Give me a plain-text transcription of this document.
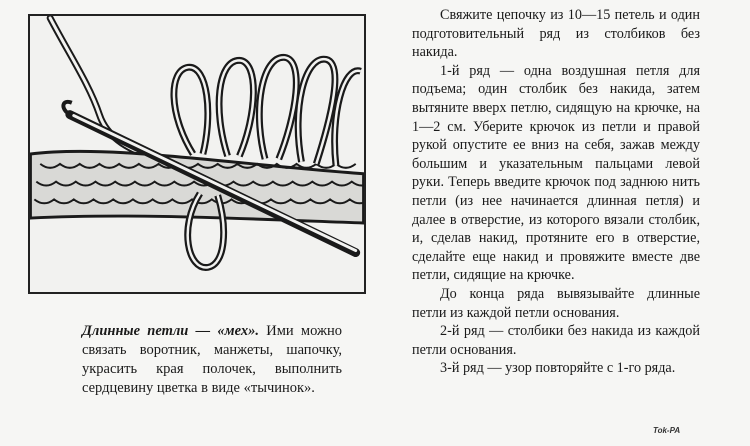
Длинные петли — «мех». Ими можно связать воротник, манжеты, шапочку, украсить края полочек, выполнить сердцевину цветка в виде «тычинок».

Свяжите цепочку из 10—15 петель и один подготовительный ряд из столбиков без накида.

1-й ряд — одна воздушная петля для подъема; один столбик без накида, затем вытяните вверх петлю, сидящую на крючке, на 1—2 см. Уберите крючок из петли и правой рукой опустите ее вниз на себя, зажав между большим и указательным пальцами левой руки. Теперь введите крючок под заднюю нить петли (из нее начинается длинная петля) и далее в отверстие, из которого вязали столбик, и, сделав накид, протяните его в отверстие, сделайте еще накид и провяжите вместе две петли, сидящие на крючке.

До конца ряда вывязывайте длинные петли из каждой петли основания.

2-й ряд — столбики без накида из каждой петли основания.

3-й ряд — узор повторяйте с 1-го ряда.

Tok-PA
